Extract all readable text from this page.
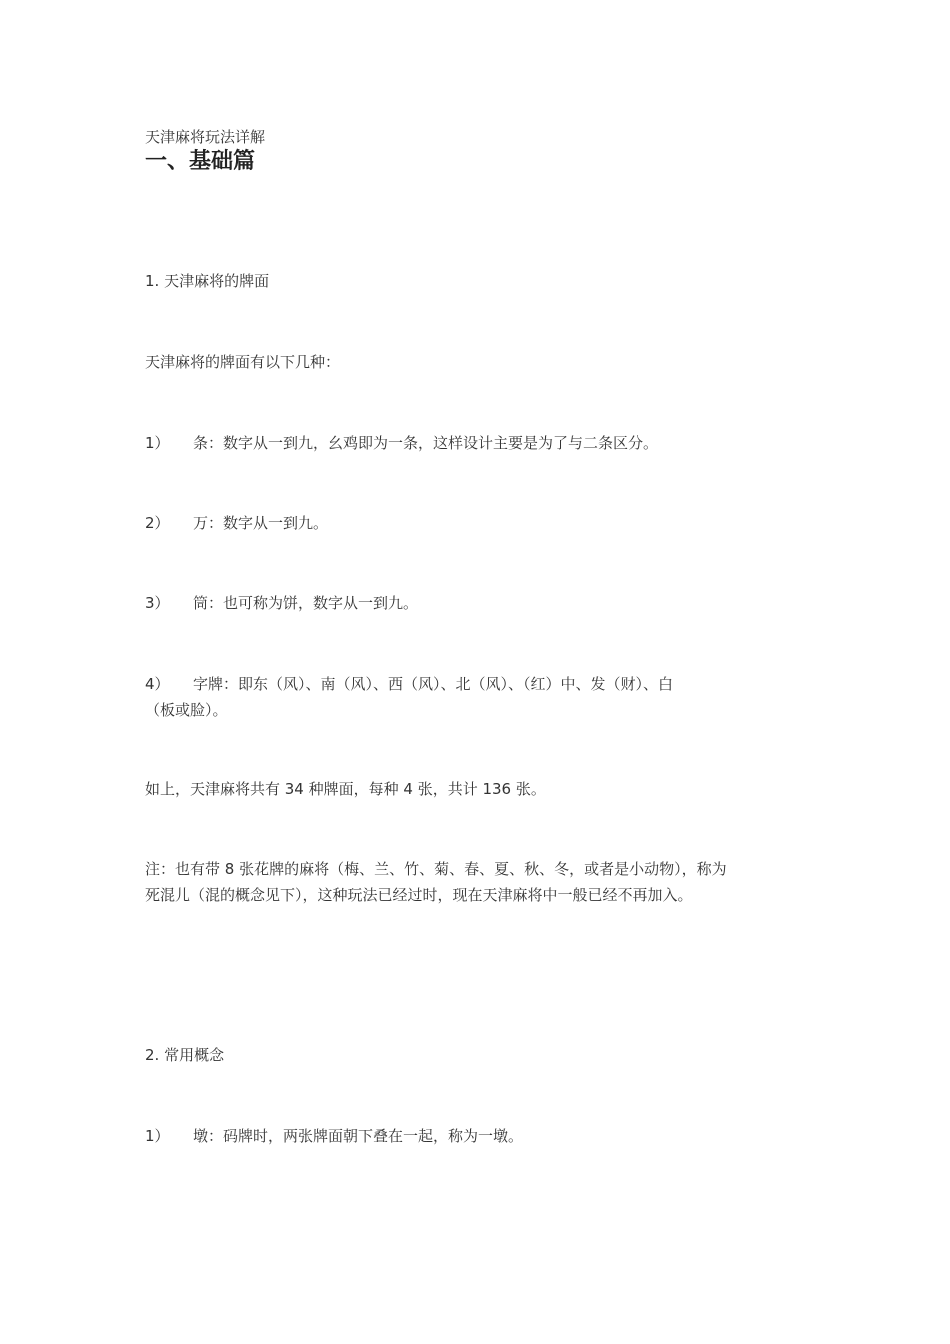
天津麻将玩法详解

一、基础篇

1. 天津麻将的牌面

天津麻将的牌面有以下几种：

1） 条：数字从一到九，幺鸡即为一条，这样设计主要是为了与二条区分。

2） 万：数字从一到九。

3） 筒：也可称为饼，数字从一到九。

4） 字牌：即东（风）、南（风）、西（风）、北（风）、（红）中、发（财）、白

（板或脸）。

如上，天津麻将共有 34 种牌面，每种 4 张，共计 136 张。

注：也有带 8 张花牌的麻将（梅、兰、竹、菊、春、夏、秋、冬，或者是小动物），称为

死混儿（混的概念见下），这种玩法已经过时，现在天津麻将中一般已经不再加入。

2. 常用概念

1） 墩：码牌时，两张牌面朝下叠在一起，称为一墩。
